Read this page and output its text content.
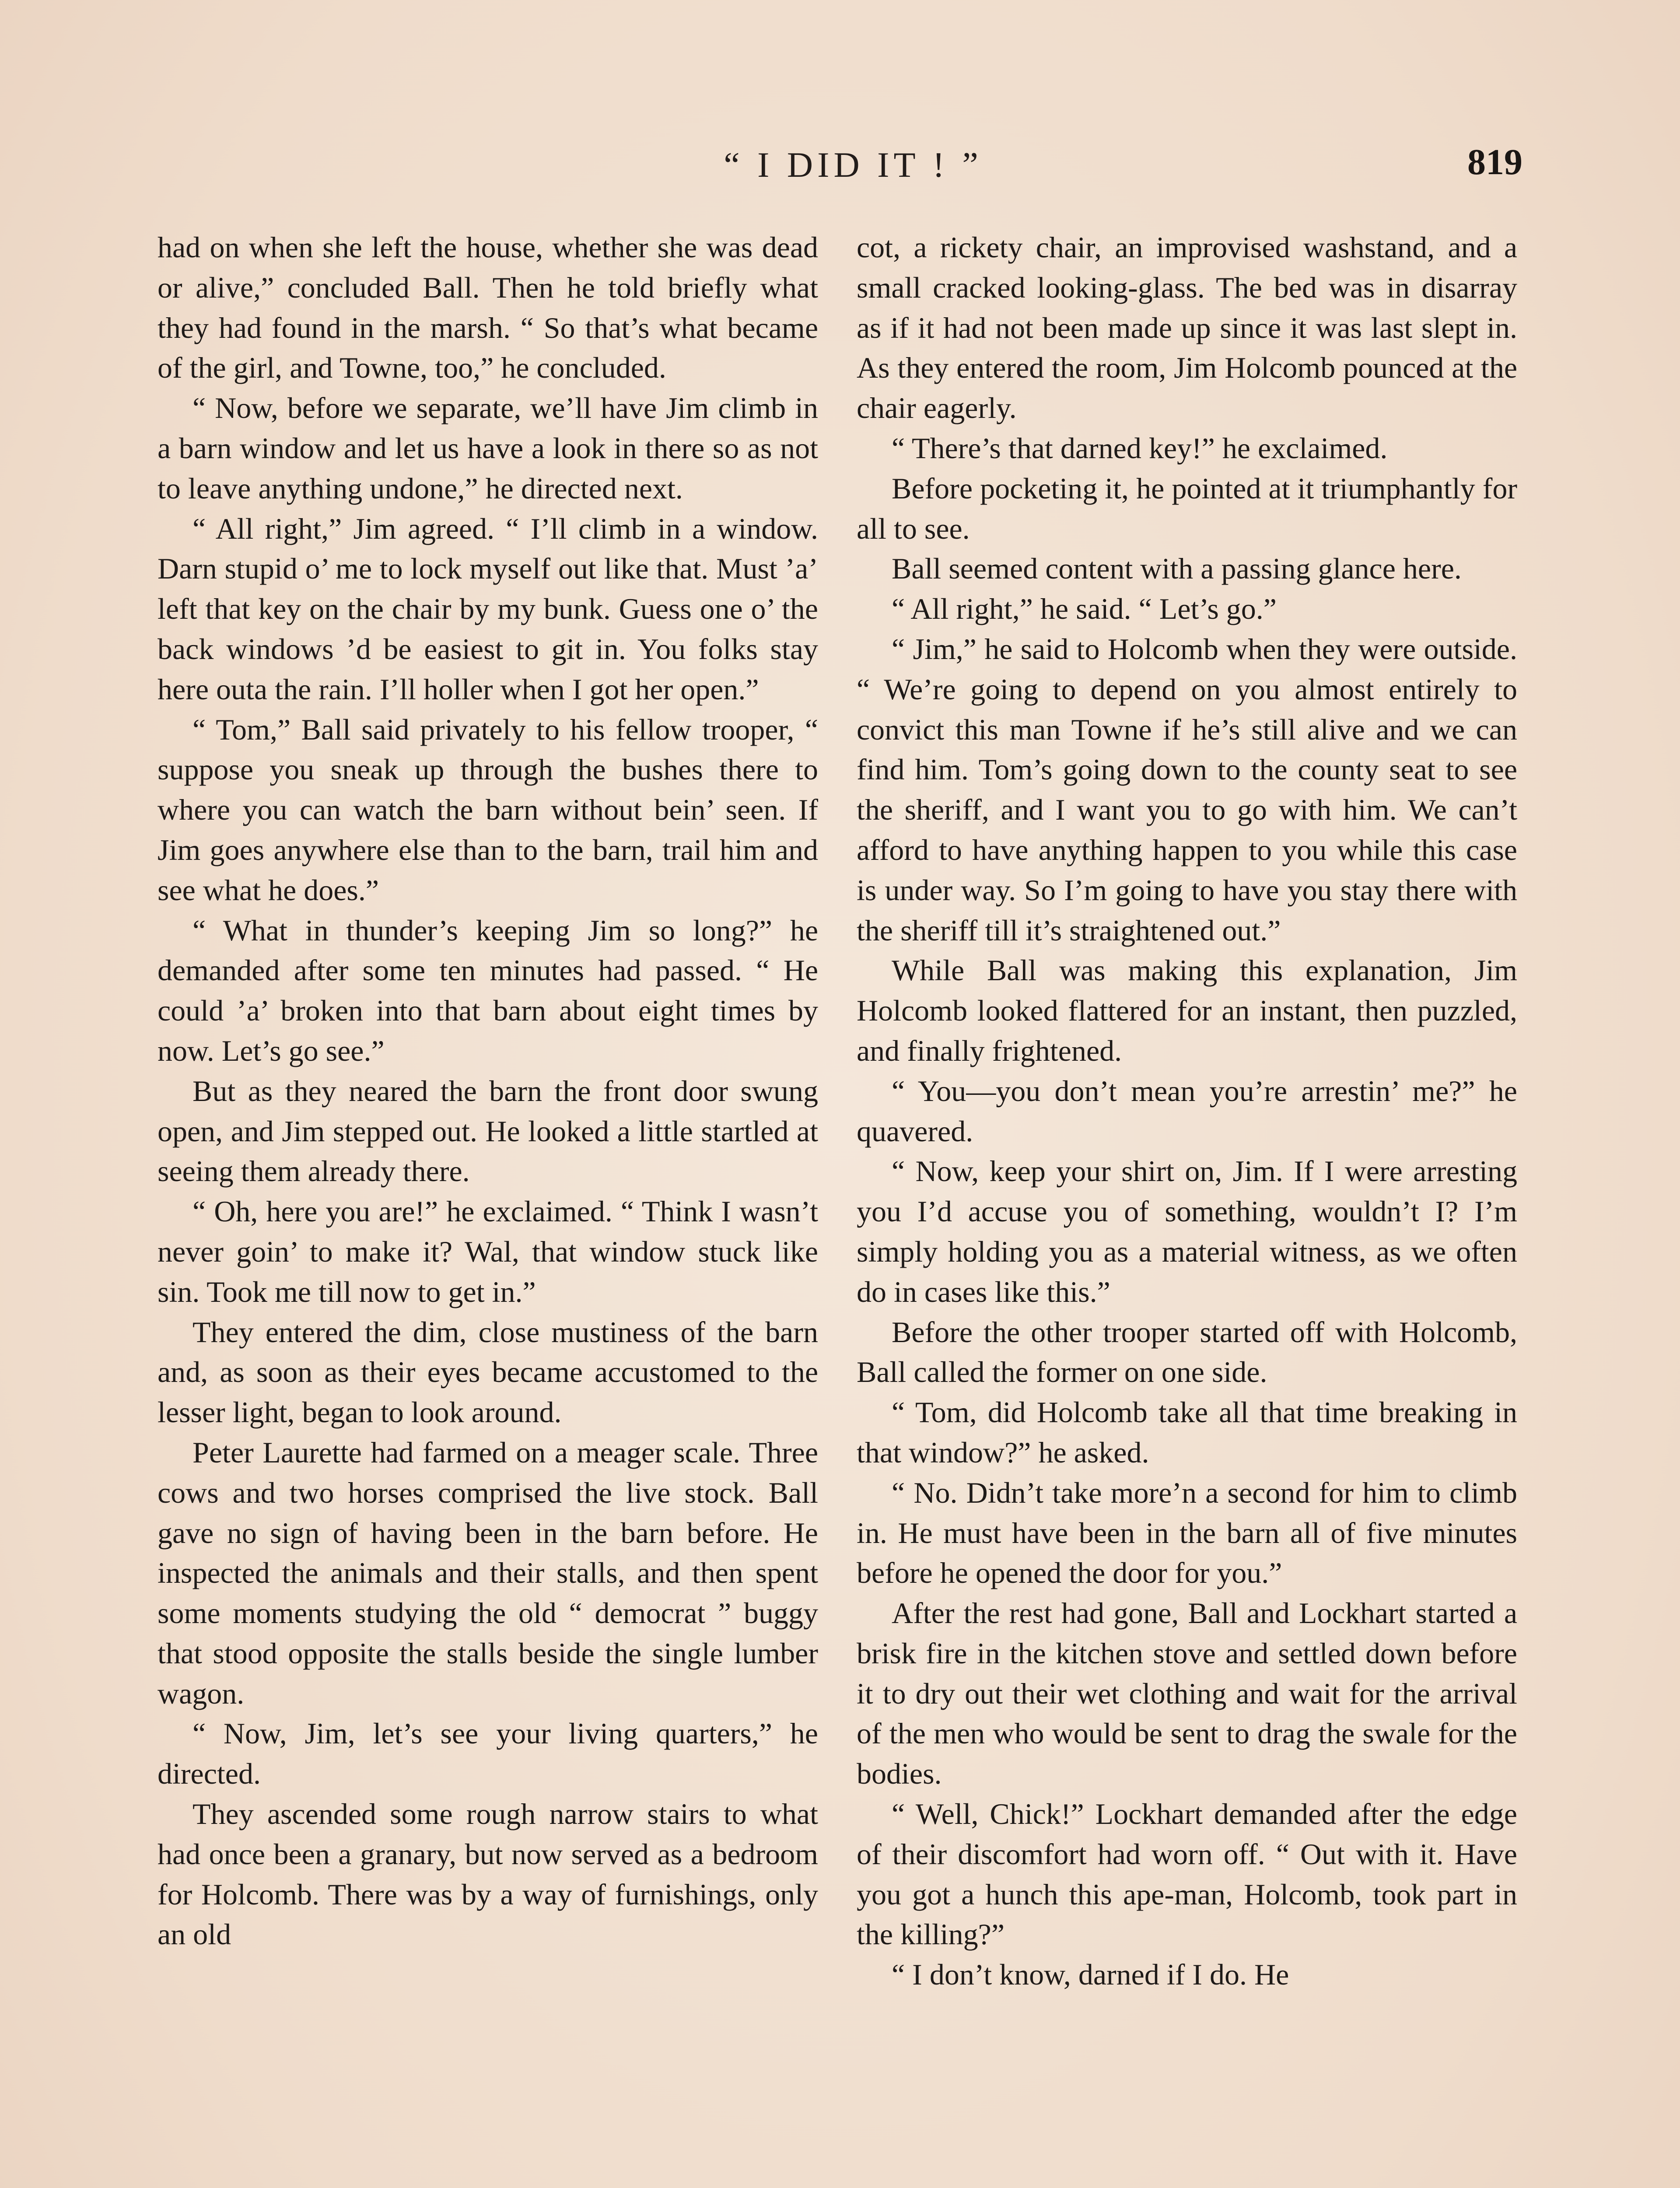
“ I DID IT ! ”	819

had on when she left the house, whether she was dead or alive,” concluded Ball. Then he told briefly what they had found in the marsh. “ So that’s what became of the girl, and Towne, too,” he concluded.

“ Now, before we separate, we’ll have Jim climb in a barn window and let us have a look in there so as not to leave anything undone,” he directed next.

“ All right,” Jim agreed. “ I’ll climb in a window. Darn stupid o’ me to lock myself out like that. Must ’a’ left that key on the chair by my bunk. Guess one o’ the back windows ’d be easiest to git in. You folks stay here outa the rain. I’ll holler when I got her open.”

“ Tom,” Ball said privately to his fellow trooper, “ suppose you sneak up through the bushes there to where you can watch the barn without bein’ seen. If Jim goes anywhere else than to the barn, trail him and see what he does.”

“ What in thunder’s keeping Jim so long?” he demanded after some ten minutes had passed. “ He could ’a’ broken into that barn about eight times by now. Let’s go see.”

But as they neared the barn the front door swung open, and Jim stepped out. He looked a little startled at seeing them already there.

“ Oh, here you are!” he exclaimed. “ Think I wasn’t never goin’ to make it? Wal, that window stuck like sin. Took me till now to get in.”

They entered the dim, close mustiness of the barn and, as soon as their eyes became accustomed to the lesser light, began to look around.

Peter Laurette had farmed on a meager scale. Three cows and two horses comprised the live stock. Ball gave no sign of having been in the barn before. He inspected the animals and their stalls, and then spent some moments studying the old “ democrat ” buggy that stood opposite the stalls beside the single lumber wagon.

“ Now, Jim, let’s see your living quarters,” he directed.

They ascended some rough narrow stairs to what had once been a granary, but now served as a bedroom for Holcomb. There was by a way of furnishings, only an old

cot, a rickety chair, an improvised washstand, and a small cracked looking-glass. The bed was in disarray as if it had not been made up since it was last slept in. As they entered the room, Jim Holcomb pounced at the chair eagerly.

“ There’s that darned key!” he exclaimed.

Before pocketing it, he pointed at it triumphantly for all to see.

Ball seemed content with a passing glance here.

“ All right,” he said. “ Let’s go.”

“ Jim,” he said to Holcomb when they were outside. “ We’re going to depend on you almost entirely to convict this man Towne if he’s still alive and we can find him. Tom’s going down to the county seat to see the sheriff, and I want you to go with him. We can’t afford to have anything happen to you while this case is under way. So I’m going to have you stay there with the sheriff till it’s straightened out.”

While Ball was making this explanation, Jim Holcomb looked flattered for an instant, then puzzled, and finally frightened.

“ You—you don’t mean you’re arrestin’ me?” he quavered.

“ Now, keep your shirt on, Jim. If I were arresting you I’d accuse you of something, wouldn’t I? I’m simply holding you as a material witness, as we often do in cases like this.”

Before the other trooper started off with Holcomb, Ball called the former on one side.

“ Tom, did Holcomb take all that time breaking in that window?” he asked.

“ No. Didn’t take more’n a second for him to climb in. He must have been in the barn all of five minutes before he opened the door for you.”

After the rest had gone, Ball and Lockhart started a brisk fire in the kitchen stove and settled down before it to dry out their wet clothing and wait for the arrival of the men who would be sent to drag the swale for the bodies.

“ Well, Chick!” Lockhart demanded after the edge of their discomfort had worn off. “ Out with it. Have you got a hunch this ape-man, Holcomb, took part in the killing?”

“ I don’t know, darned if I do. He
